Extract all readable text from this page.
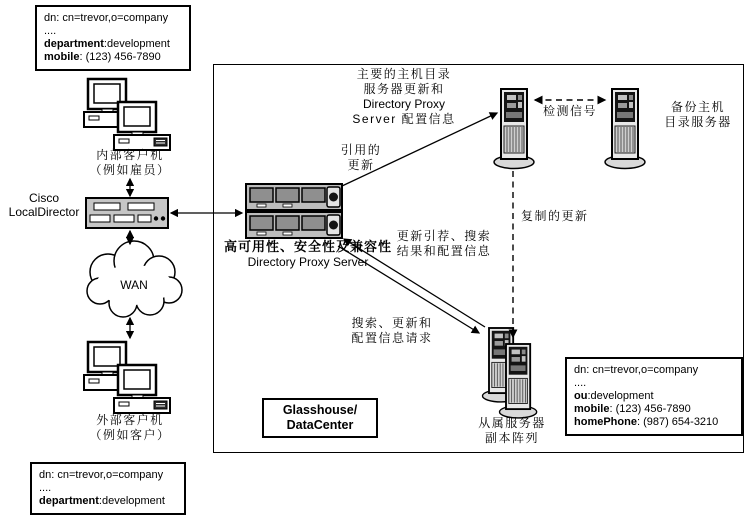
dn: cn=trevor,o=company
....
department:development
mobile: (123) 456-7890
内部客户机
（例如雇员）
Cisco
LocalDirector
WAN
外部客户机
（例如客户）
dn: cn=trevor,o=company
....
department:development
高可用性、安全性及兼容性
Directory Proxy Server
主要的主机目录
服务器更新和
Directory Proxy
Server 配置信息
引用的
更新
检测信号	备份主机
目录服务器
复制的更新
更新引荐、搜索
结果和配置信息
搜索、更新和
配置信息请求
从属服务器
副本阵列
Glasshouse/
DataCenter
dn: cn=trevor,o=company
....
ou:development
mobile: (123) 456-7890
homePhone: (987) 654-3210
